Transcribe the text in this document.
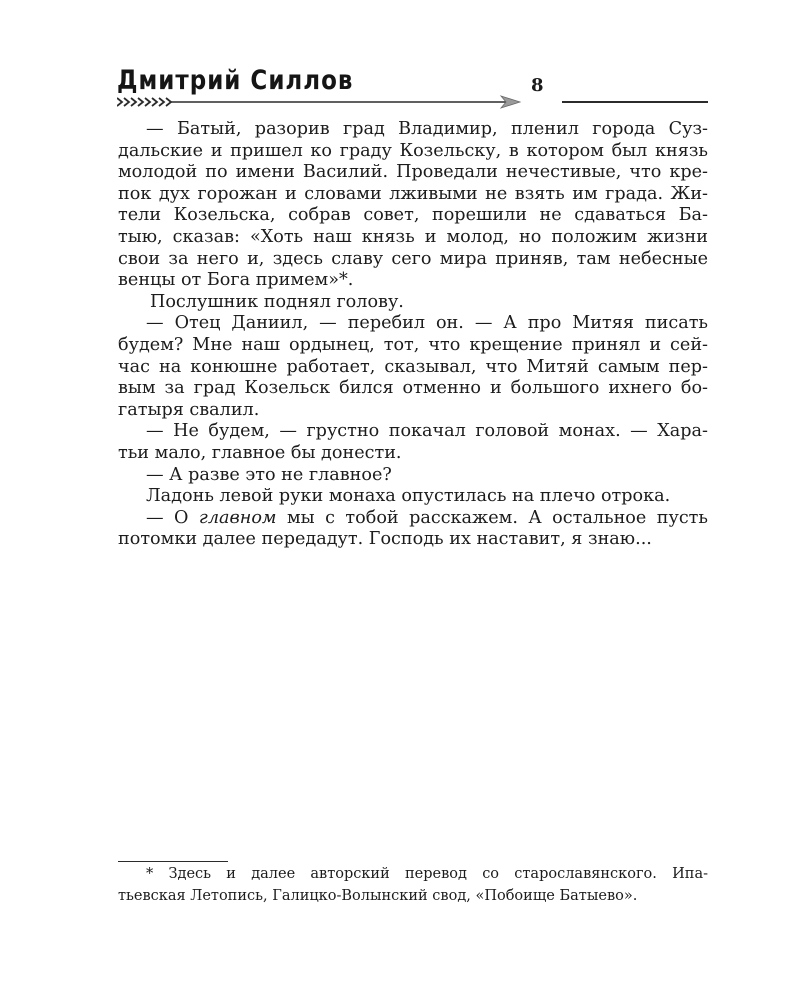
Дмитрий Силлов	8
— Батый, разорив град Владимир, пленил города Суз-
дальские и пришел ко граду Козельску, в котором был князь
молодой по имени Василий. Проведали нечестивые, что кре-
пок дух горожан и словами лживыми не взять им града. Жи-
тели Козельска, собрав совет, порешили не сдаваться Ба-
тыю, сказав: «Хоть наш князь и молод, но положим жизни
свои за него и, здесь славу сего мира приняв, там небесные
венцы от Бога примем»*.
Послушник поднял голову.
— Отец Даниил, — перебил он. — А про Митяя писать
будем? Мне наш ордынец, тот, что крещение принял и сей-
час на конюшне работает, сказывал, что Митяй самым пер-
вым за град Козельск бился отменно и большого ихнего бо-
гатыря свалил.
— Не будем, — грустно покачал головой монах. — Хара-
тьи мало, главное бы донести.
— А разве это не главное?
Ладонь левой руки монаха опустилась на плечо отрока.
— О главном мы с тобой расскажем. А остальное пусть
потомки далее передадут. Господь их наставит, я знаю...
* Здесь и далее авторский перевод со старославянского. Ипа-
тьевская Летопись, Галицко-Волынский свод, «Побоище Батыево».
